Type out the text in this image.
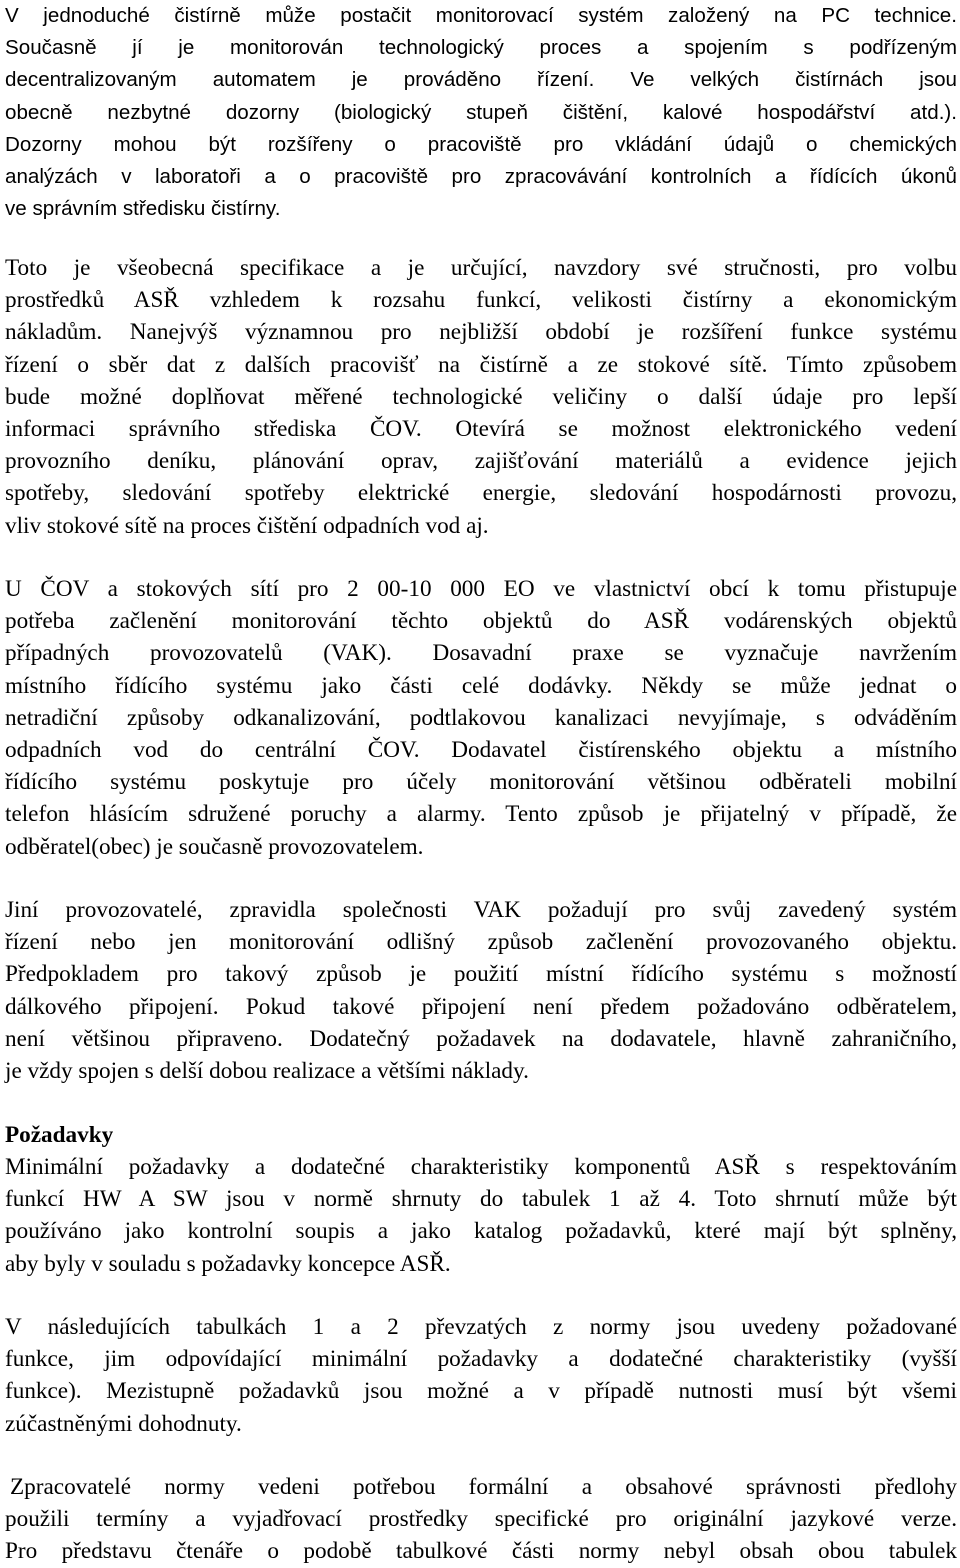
V jednoduché čistírně může postačit monitorovací systém založený na PC technice.
Současně jí je monitorován technologický proces a spojením s podřízeným
decentralizovaným automatem je prováděno řízení. Ve velkých čistírnách jsou
obecně nezbytné dozorny (biologický stupeň čištění, kalové hospodářství atd.).
Dozorny mohou být rozšířeny o pracoviště pro vkládání údajů o chemických
analýzách v laboratoři a o pracoviště pro zpracovávání kontrolních a řídících úkonů
ve správním středisku čistírny.
Toto je všeobecná specifikace a je určující, navzdory své stručnosti, pro volbu
prostředků ASŘ vzhledem k rozsahu funkcí, velikosti čistírny a ekonomickým
nákladům. Nanejvýš významnou pro nejbližší období je rozšíření funkce systému
řízení o sběr dat z dalších pracovišť na čistírně a ze stokové sítě. Tímto způsobem
bude možné doplňovat měřené technologické veličiny o další údaje pro lepší
informaci správního střediska ČOV. Otevírá se možnost elektronického vedení
provozního deníku, plánování oprav, zajišťování materiálů a evidence jejich
spotřeby, sledování spotřeby elektrické energie, sledování hospodárnosti provozu,
vliv stokové sítě na proces čištění odpadních vod aj.
U ČOV a stokových sítí pro 2 00-10 000 EO ve vlastnictví obcí k tomu přistupuje
potřeba začlenění monitorování těchto objektů do ASŘ vodárenských objektů
případných provozovatelů (VAK). Dosavadní praxe se vyznačuje navržením
místního řídícího systému jako části celé dodávky. Někdy se může jednat o
netradiční způsoby odkanalizování, podtlakovou kanalizaci nevyjímaje, s odváděním
odpadních vod do centrální ČOV. Dodavatel čistírenského objektu a místního
řídícího systému poskytuje pro účely monitorování většinou odběrateli mobilní
telefon hlásícím sdružené poruchy a alarmy. Tento způsob je přijatelný v případě, že
odběratel(obec) je současně provozovatelem.
Jiní provozovatelé, zpravidla společnosti VAK požadují pro svůj zavedený systém
řízení nebo jen monitorování odlišný způsob začlenění provozovaného objektu.
Předpokladem pro takový způsob je použití místní řídícího systému s možností
dálkového připojení. Pokud takové připojení není předem požadováno odběratelem,
není většinou připraveno. Dodatečný požadavek na dodavatele, hlavně zahraničního,
je vždy spojen s delší dobou realizace a většími náklady.
Požadavky
Minimální požadavky a dodatečné charakteristiky komponentů ASŘ s respektováním
funkcí HW A SW jsou v normě shrnuty do tabulek 1 až 4. Toto shrnutí může být
používáno jako kontrolní soupis a jako katalog požadavků, které mají být splněny,
aby byly v souladu s požadavky koncepce ASŘ.
V následujících tabulkách 1 a 2 převzatých z normy jsou uvedeny požadované
funkce, jim odpovídající minimální požadavky a dodatečné charakteristiky (vyšší
funkce). Mezistupně požadavků jsou možné a v případě nutnosti musí být všemi
zúčastněnými dohodnuty.
Zpracovatelé normy vedeni potřebou formální a obsahové správnosti předlohy
použili termíny a vyjadřovací prostředky specifické pro originální jazykové verze.
Pro představu čtenáře o podobě tabulkové části normy nebyl obsah obou tabulek
